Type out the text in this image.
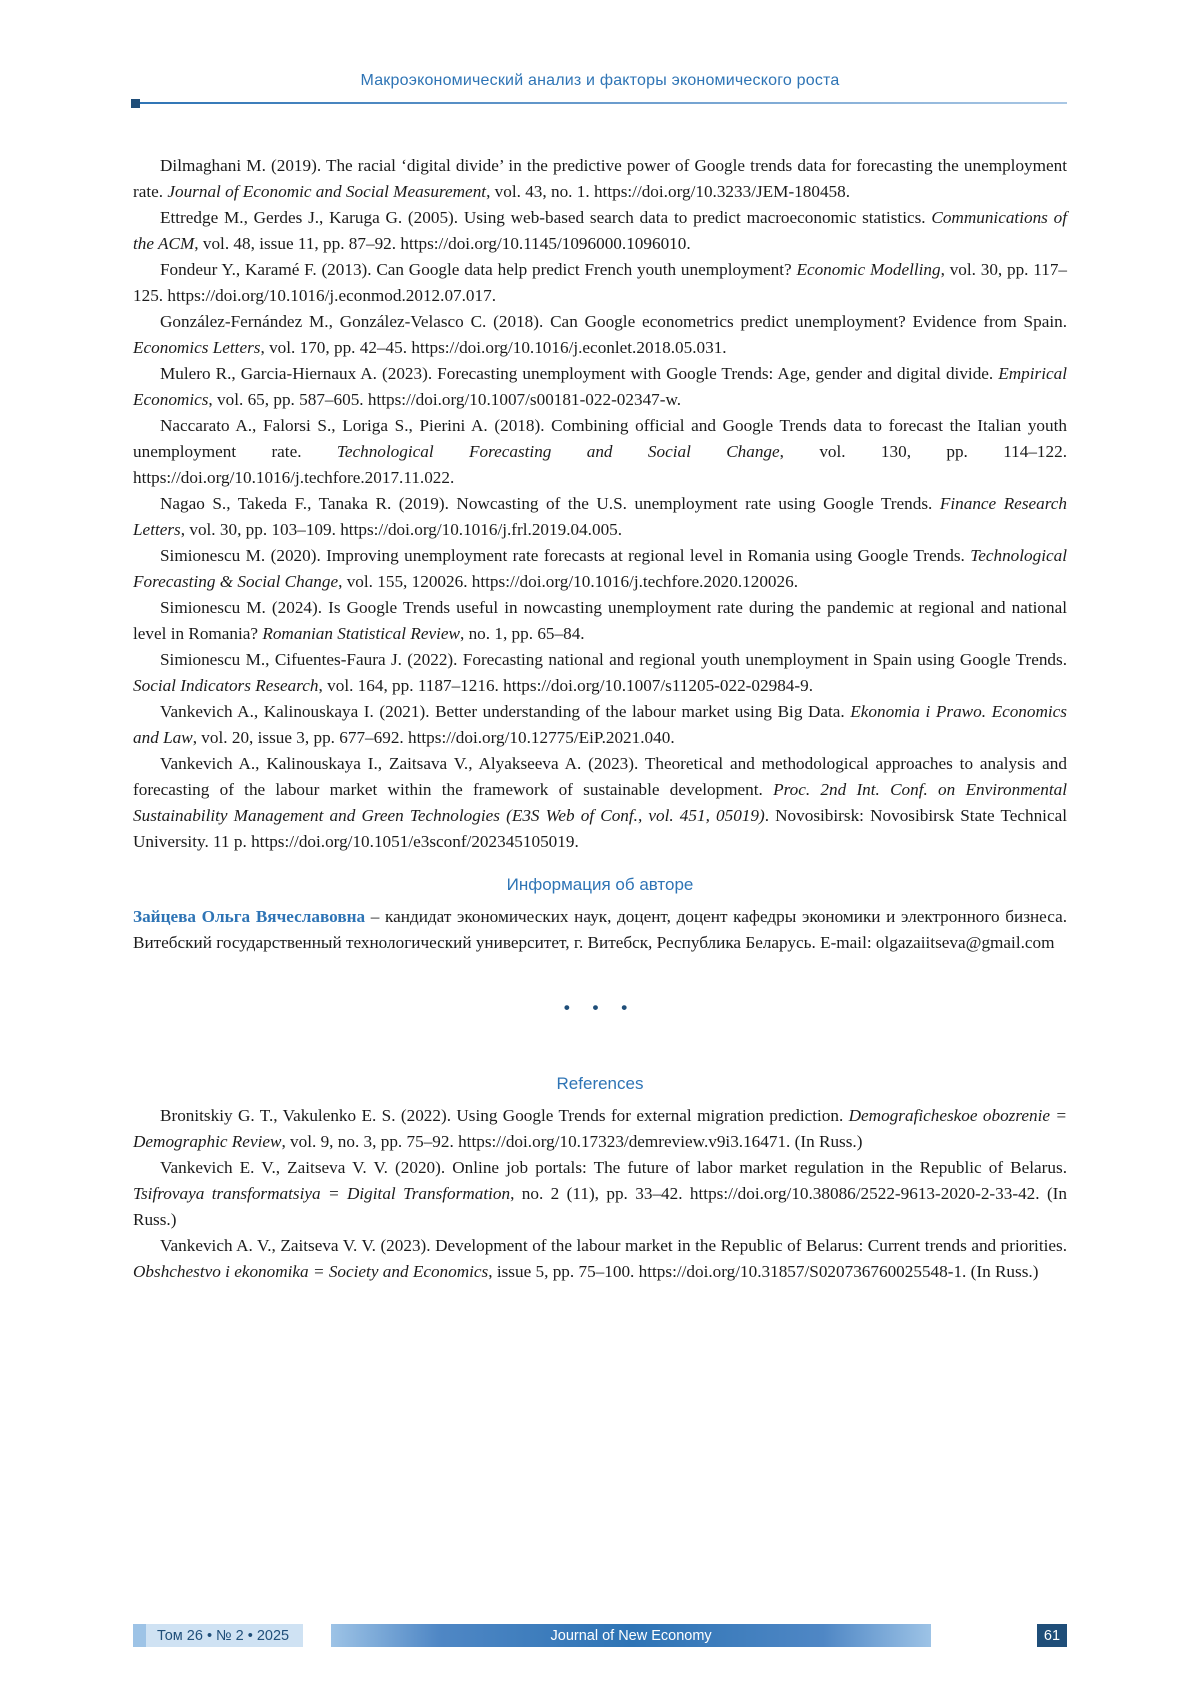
Макроэкономический анализ и факторы экономического роста

Dilmaghani M. (2019). The racial ‘digital divide’ in the predictive power of Google trends data for forecasting the unemployment rate. Journal of Economic and Social Measurement, vol. 43, no. 1. https://doi.org/10.3233/JEM-180458.

Ettredge M., Gerdes J., Karuga G. (2005). Using web-based search data to predict macroeconomic statistics. Communications of the ACM, vol. 48, issue 11, pp. 87–92. https://doi.org/10.1145/1096000.1096010.

Fondeur Y., Karamé F. (2013). Can Google data help predict French youth unemployment? Economic Modelling, vol. 30, pp. 117–125. https://doi.org/10.1016/j.econmod.2012.07.017.

González-Fernández M., González-Velasco C. (2018). Can Google econometrics predict unemployment? Evidence from Spain. Economics Letters, vol. 170, pp. 42–45. https://doi.org/10.1016/j.econlet.2018.05.031.

Mulero R., Garcia-Hiernaux A. (2023). Forecasting unemployment with Google Trends: Age, gender and digital divide. Empirical Economics, vol. 65, pp. 587–605. https://doi.org/10.1007/s00181-022-02347-w.

Naccarato A., Falorsi S., Loriga S., Pierini A. (2018). Combining official and Google Trends data to forecast the Italian youth unemployment rate. Technological Forecasting and Social Change, vol. 130, pp. 114–122. https://doi.org/10.1016/j.techfore.2017.11.022.

Nagao S., Takeda F., Tanaka R. (2019). Nowcasting of the U.S. unemployment rate using Google Trends. Finance Research Letters, vol. 30, pp. 103–109. https://doi.org/10.1016/j.frl.2019.04.005.

Simionescu M. (2020). Improving unemployment rate forecasts at regional level in Romania using Google Trends. Technological Forecasting & Social Change, vol. 155, 120026. https://doi.org/10.1016/j.techfore.2020.120026.

Simionescu M. (2024). Is Google Trends useful in nowcasting unemployment rate during the pandemic at regional and national level in Romania? Romanian Statistical Review, no. 1, pp. 65–84.

Simionescu M., Cifuentes-Faura J. (2022). Forecasting national and regional youth unemployment in Spain using Google Trends. Social Indicators Research, vol. 164, pp. 1187–1216. https://doi.org/10.1007/s11205-022-02984-9.

Vankevich A., Kalinouskaya I. (2021). Better understanding of the labour market using Big Data. Ekonomia i Prawo. Economics and Law, vol. 20, issue 3, pp. 677–692. https://doi.org/10.12775/EiP.2021.040.

Vankevich A., Kalinouskaya I., Zaitsava V., Alyakseeva A. (2023). Theoretical and methodological approaches to analysis and forecasting of the labour market within the framework of sustainable development. Proc. 2nd Int. Conf. on Environmental Sustainability Management and Green Technologies (E3S Web of Conf., vol. 451, 05019). Novosibirsk: Novosibirsk State Technical University. 11 p. https://doi.org/10.1051/e3sconf/202345105019.

Информация об авторе

Зайцева Ольга Вячеславовна – кандидат экономических наук, доцент, доцент кафедры экономики и электронного бизнеса. Витебский государственный технологический университет, г. Витебск, Республика Беларусь. E-mail: olgazaiitseva@gmail.com

• • •
References

Bronitskiy G. T., Vakulenko E. S. (2022). Using Google Trends for external migration prediction. Demograficheskoe obozrenie = Demographic Review, vol. 9, no. 3, pp. 75–92. https://doi.org/10.17323/demreview.v9i3.16471. (In Russ.)

Vankevich E. V., Zaitseva V. V. (2020). Online job portals: The future of labor market regulation in the Republic of Belarus. Tsifrovaya transformatsiya = Digital Transformation, no. 2 (11), pp. 33–42. https://doi.org/10.38086/2522-9613-2020-2-33-42. (In Russ.)

Vankevich A. V., Zaitseva V. V. (2023). Development of the labour market in the Republic of Belarus: Current trends and priorities. Obshchestvo i ekonomika = Society and Economics, issue 5, pp. 75–100. https://doi.org/10.31857/S020736760025548-1. (In Russ.)

Том 26 • № 2 • 2025	Journal of New Economy	61
